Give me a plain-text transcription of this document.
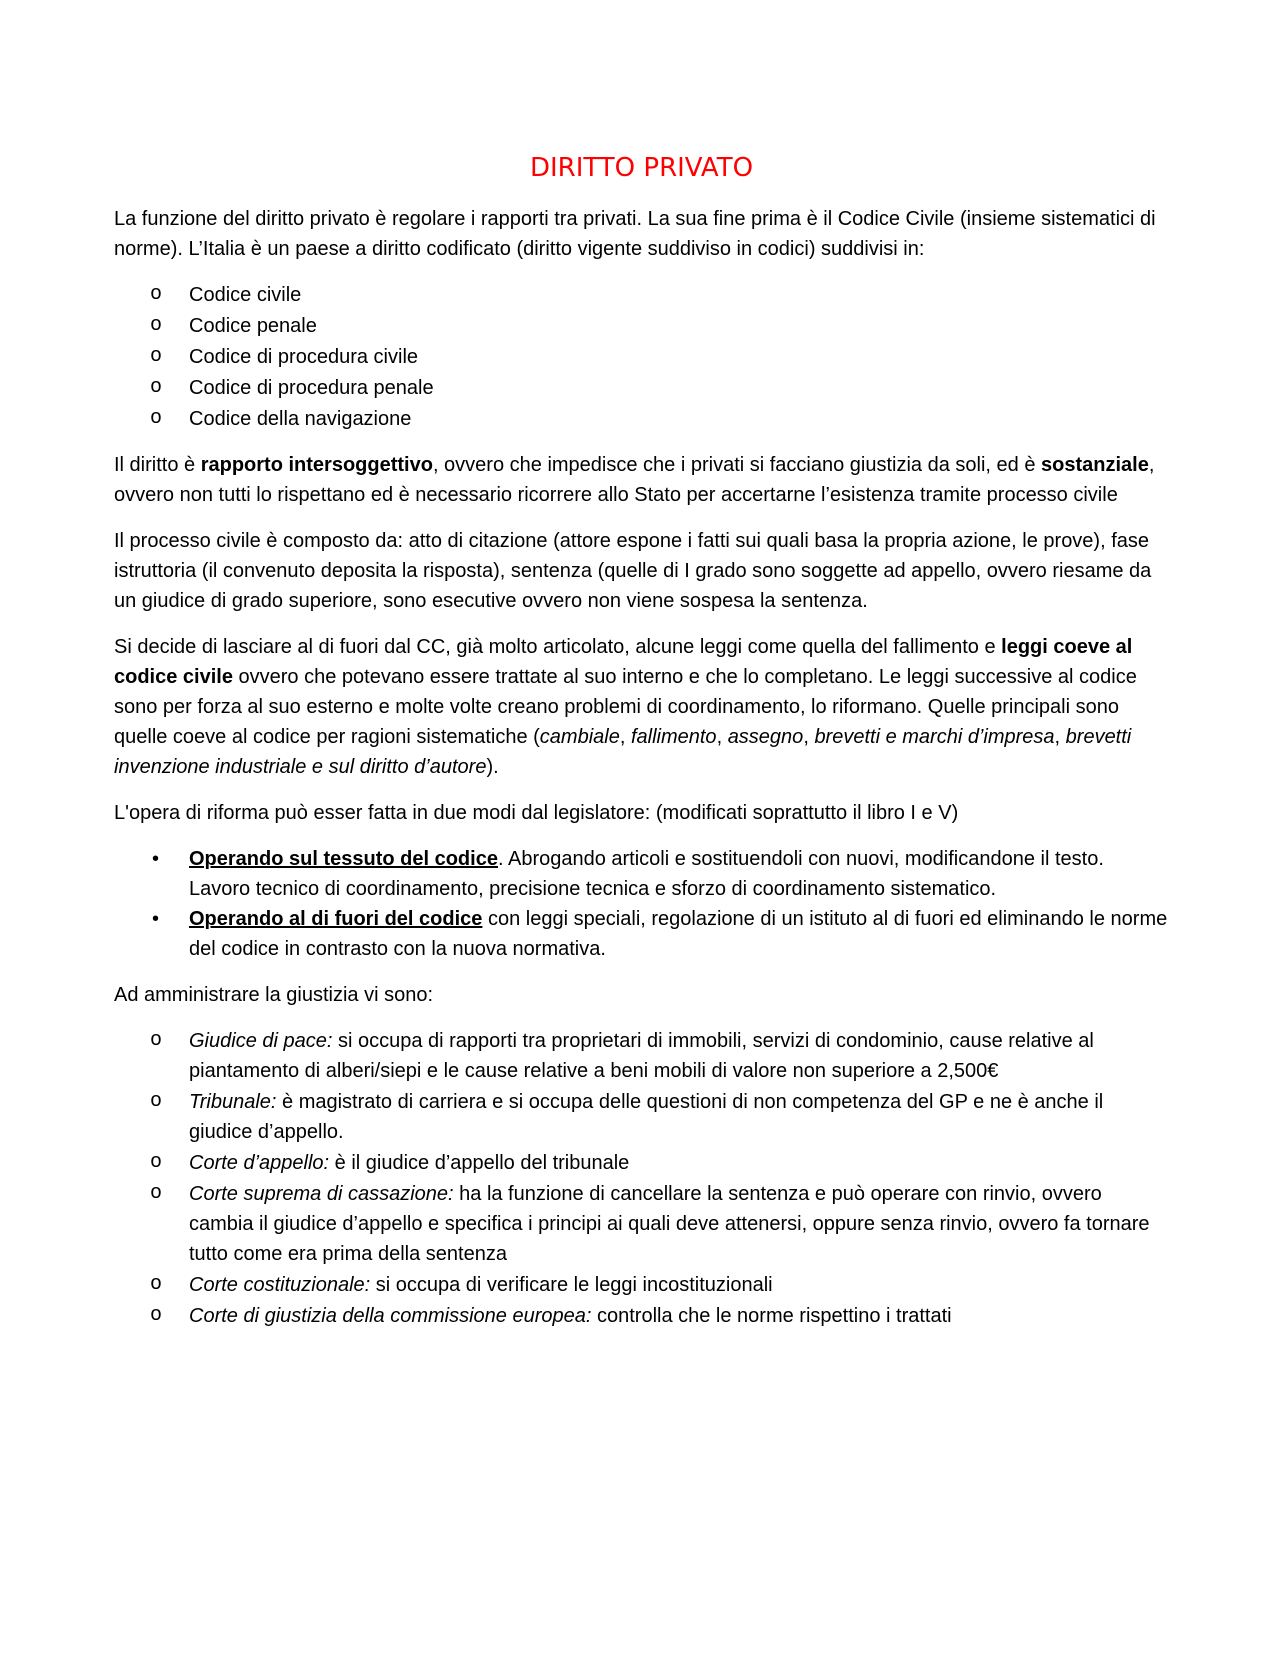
DIRITTO PRIVATO

La funzione del diritto privato è regolare i rapporti tra privati. La sua fine prima è il Codice Civile (insieme sistematici di norme). L’Italia è un paese a diritto codificato (diritto vigente suddiviso in codici) suddivisi in:

o Codice civile
o Codice penale
o Codice di procedura civile
o Codice di procedura penale
o Codice della navigazione

Il diritto è rapporto intersoggettivo, ovvero che impedisce che i privati si facciano giustizia da soli, ed è sostanziale, ovvero non tutti lo rispettano ed è necessario ricorrere allo Stato per accertarne l’esistenza tramite processo civile

Il processo civile è composto da: atto di citazione (attore espone i fatti sui quali basa la propria azione, le prove), fase istruttoria (il convenuto deposita la risposta), sentenza (quelle di I grado sono soggette ad appello, ovvero riesame da un giudice di grado superiore, sono esecutive ovvero non viene sospesa la sentenza.

Si decide di lasciare al di fuori dal CC, già molto articolato, alcune leggi come quella del fallimento e leggi coeve al codice civile ovvero che potevano essere trattate al suo interno e che lo completano. Le leggi successive al codice sono per forza al suo esterno e molte volte creano problemi di coordinamento, lo riformano. Quelle principali sono quelle coeve al codice per ragioni sistematiche (cambiale, fallimento, assegno, brevetti e marchi d’impresa, brevetti invenzione industriale e sul diritto d’autore).

L'opera di riforma può esser fatta in due modi dal legislatore: (modificati soprattutto il libro I e V)

• Operando sul tessuto del codice. Abrogando articoli e sostituendoli con nuovi, modificandone il testo. Lavoro tecnico di coordinamento, precisione tecnica e sforzo di coordinamento sistematico.
• Operando al di fuori del codice con leggi speciali, regolazione di un istituto al di fuori ed eliminando le norme del codice in contrasto con la nuova normativa.

Ad amministrare la giustizia vi sono:

o Giudice di pace: si occupa di rapporti tra proprietari di immobili, servizi di condominio, cause relative al piantamento di alberi/siepi e le cause relative a beni mobili di valore non superiore a 2,500€
o Tribunale: è magistrato di carriera e si occupa delle questioni di non competenza del GP e ne è anche il giudice d’appello.
o Corte d’appello: è il giudice d’appello del tribunale
o Corte suprema di cassazione: ha la funzione di cancellare la sentenza e può operare con rinvio, ovvero cambia il giudice d’appello e specifica i principi ai quali deve attenersi, oppure senza rinvio, ovvero fa tornare tutto come era prima della sentenza
o Corte costituzionale: si occupa di verificare le leggi incostituzionali
o Corte di giustizia della commissione europea: controlla che le norme rispettino i trattati
